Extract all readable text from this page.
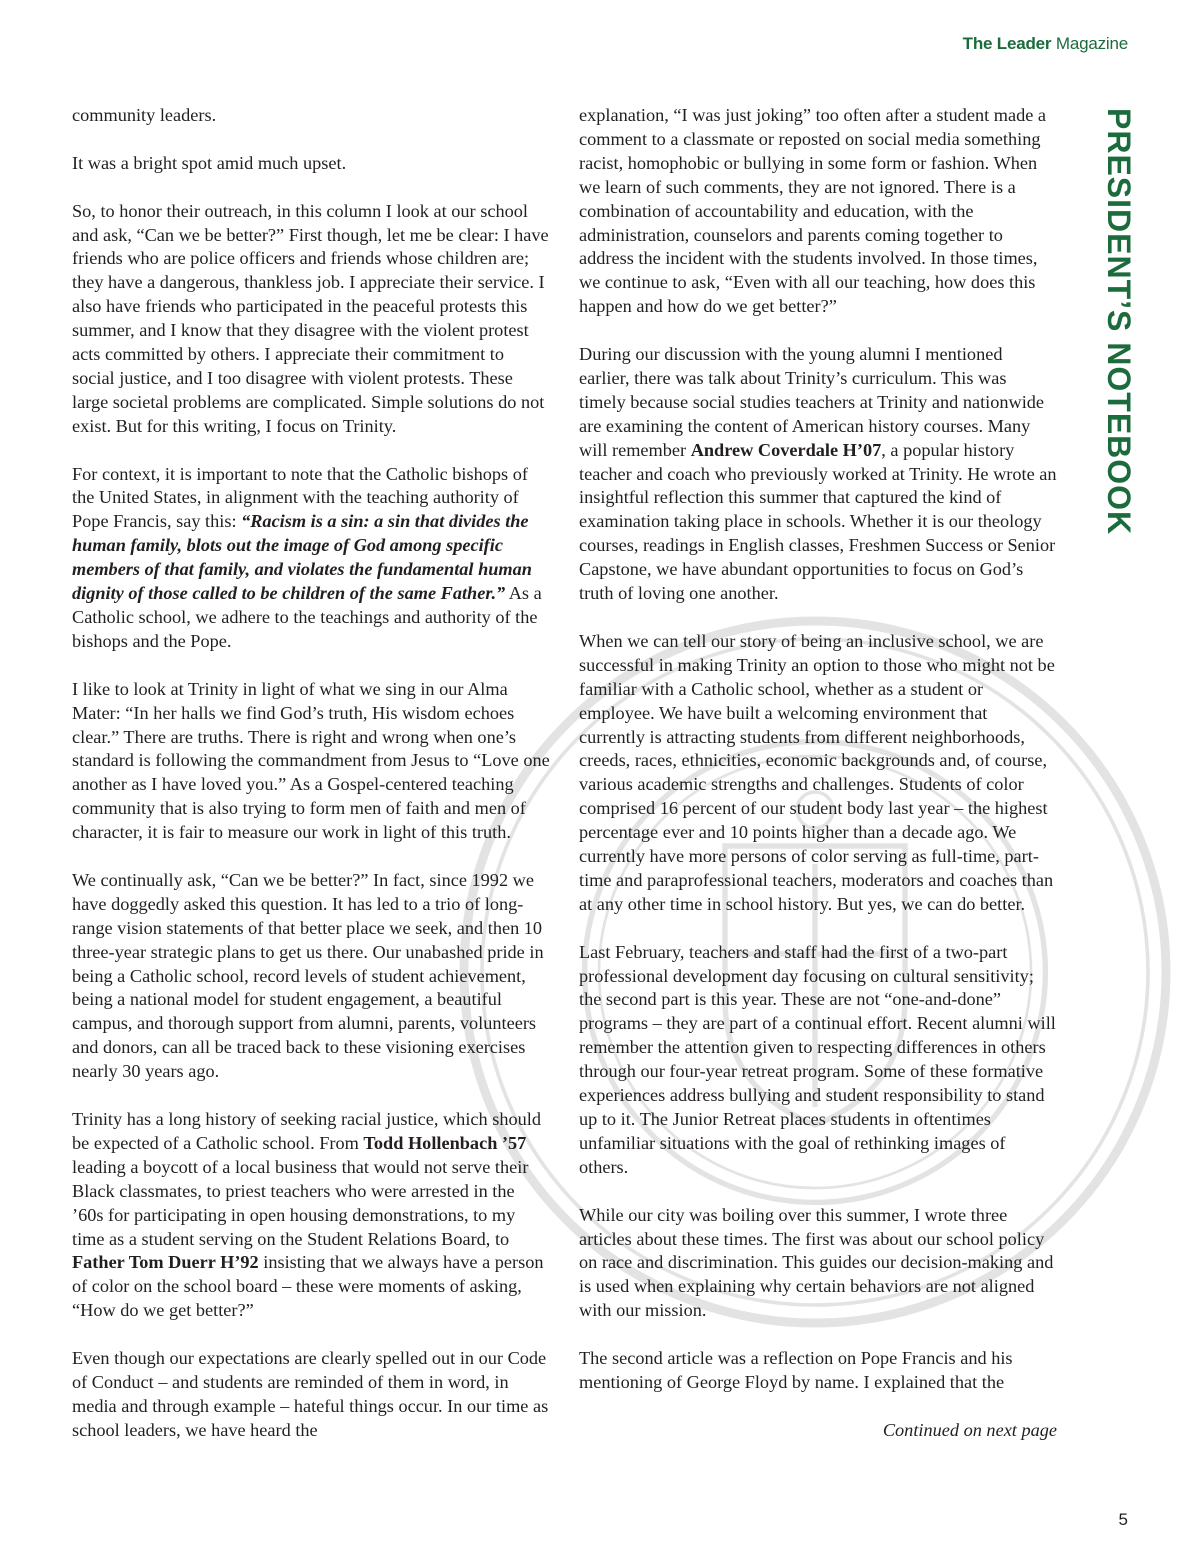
The Leader Magazine
PRESIDENT’S NOTEBOOK

community leaders.

It was a bright spot amid much upset.

So, to honor their outreach, in this column I look at our school and ask, “Can we be better?” First though, let me be clear: I have friends who are police officers and friends whose children are; they have a dangerous, thankless job. I appreciate their service. I also have friends who participated in the peaceful protests this summer, and I know that they disagree with the violent protest acts committed by others. I appreciate their commitment to social justice, and I too disagree with violent protests. These large societal problems are complicated. Simple solutions do not exist. But for this writing, I focus on Trinity.

For context, it is important to note that the Catholic bishops of the United States, in alignment with the teaching authority of Pope Francis, say this: “Racism is a sin: a sin that divides the human family, blots out the image of God among specific members of that family, and violates the fundamental human dignity of those called to be children of the same Father.” As a Catholic school, we adhere to the teachings and authority of the bishops and the Pope.

I like to look at Trinity in light of what we sing in our Alma Mater: “In her halls we find God’s truth, His wisdom echoes clear.” There are truths. There is right and wrong when one’s standard is following the commandment from Jesus to “Love one another as I have loved you.” As a Gospel-centered teaching community that is also trying to form men of faith and men of character, it is fair to measure our work in light of this truth.

We continually ask, “Can we be better?” In fact, since 1992 we have doggedly asked this question. It has led to a trio of long-range vision statements of that better place we seek, and then 10 three-year strategic plans to get us there. Our unabashed pride in being a Catholic school, record levels of student achievement, being a national model for student engagement, a beautiful campus, and thorough support from alumni, parents, volunteers and donors, can all be traced back to these visioning exercises nearly 30 years ago.

Trinity has a long history of seeking racial justice, which should be expected of a Catholic school. From Todd Hollenbach ’57 leading a boycott of a local business that would not serve their Black classmates, to priest teachers who were arrested in the ’60s for participating in open housing demonstrations, to my time as a student serving on the Student Relations Board, to Father Tom Duerr H’92 insisting that we always have a person of color on the school board – these were moments of asking, “How do we get better?”

Even though our expectations are clearly spelled out in our Code of Conduct – and students are reminded of them in word, in media and through example – hateful things occur. In our time as school leaders, we have heard the

explanation, “I was just joking” too often after a student made a comment to a classmate or reposted on social media something racist, homophobic or bullying in some form or fashion. When we learn of such comments, they are not ignored. There is a combination of accountability and education, with the administration, counselors and parents coming together to address the incident with the students involved. In those times, we continue to ask, “Even with all our teaching, how does this happen and how do we get better?”

During our discussion with the young alumni I mentioned earlier, there was talk about Trinity’s curriculum. This was timely because social studies teachers at Trinity and nationwide are examining the content of American history courses. Many will remember Andrew Coverdale H’07, a popular history teacher and coach who previously worked at Trinity. He wrote an insightful reflection this summer that captured the kind of examination taking place in schools. Whether it is our theology courses, readings in English classes, Freshmen Success or Senior Capstone, we have abundant opportunities to focus on God’s truth of loving one another.

When we can tell our story of being an inclusive school, we are successful in making Trinity an option to those who might not be familiar with a Catholic school, whether as a student or employee. We have built a welcoming environment that currently is attracting students from different neighborhoods, creeds, races, ethnicities, economic backgrounds and, of course, various academic strengths and challenges. Students of color comprised 16 percent of our student body last year – the highest percentage ever and 10 points higher than a decade ago. We currently have more persons of color serving as full-time, part-time and paraprofessional teachers, moderators and coaches than at any other time in school history. But yes, we can do better.

Last February, teachers and staff had the first of a two-part professional development day focusing on cultural sensitivity; the second part is this year. These are not “one-and-done” programs – they are part of a continual effort. Recent alumni will remember the attention given to respecting differences in others through our four-year retreat program. Some of these formative experiences address bullying and student responsibility to stand up to it. The Junior Retreat places students in oftentimes unfamiliar situations with the goal of rethinking images of others.

While our city was boiling over this summer, I wrote three articles about these times. The first was about our school policy on race and discrimination. This guides our decision-making and is used when explaining why certain behaviors are not aligned with our mission.

The second article was a reflection on Pope Francis and his mentioning of George Floyd by name. I explained that the

Continued on next page

5
